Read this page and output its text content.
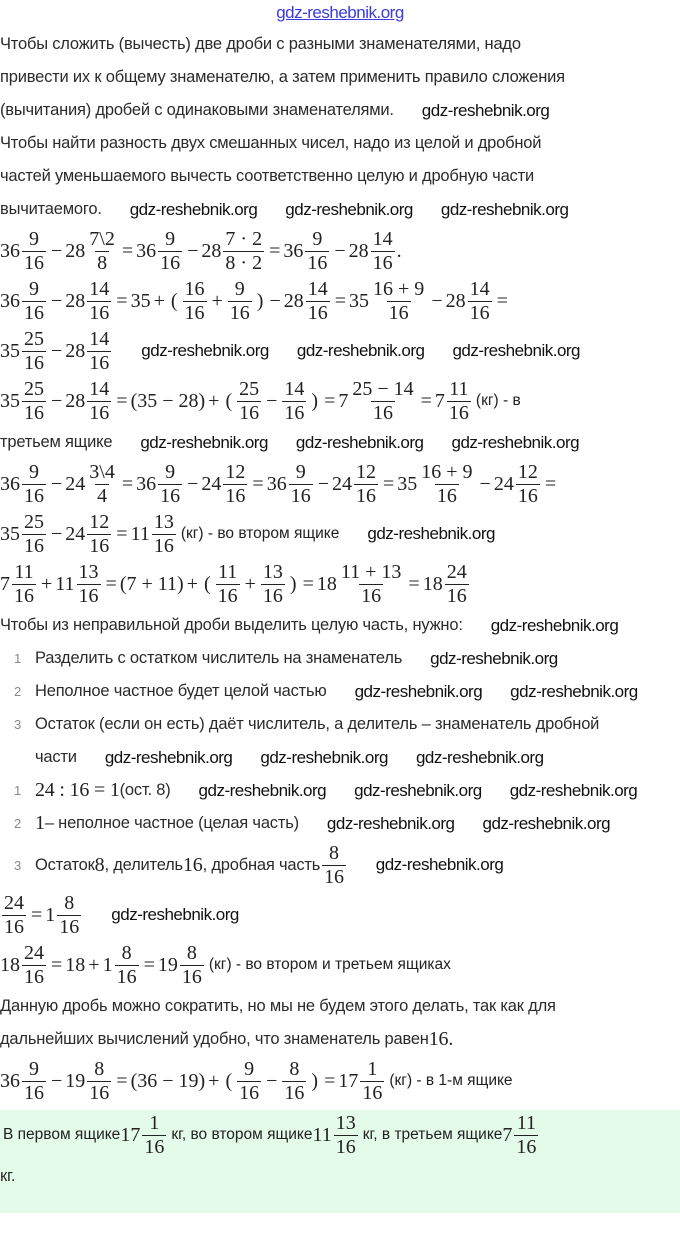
gdz-reshebnik.org
Чтобы сложить (вычесть) две дроби с разными знаменателями, надо
привести их к общему знаменателю, а затем применить правило сложения
(вычитания) дробей с одинаковыми знаменателями. gdz-reshebnik.org
Чтобы найти разность двух смешанных чисел, надо из целой и дробной
частей уменьшаемого вычесть соответственно целую и дробную части
вычитаемого. gdz-reshebnik.org gdz-reshebnik.org gdz-reshebnik.org
$36 \frac{9}{16} - 28 \frac{7\backslash 2}{8} = 36 \frac{9}{16} - 28 \frac{7 \cdot 2}{8 \cdot 2} = 36 \frac{9}{16} - 28 \frac{14}{16}$ .
$36 \frac{9}{16} - 28 \frac{14}{16} = 35$ + ( $\frac{16}{16} + \frac{9}{16}$ ) − $28 \frac{14}{16} = 35 \frac{16 + 9}{16} - 28 \frac{14}{16}$ =
$35 \frac{25}{16} - 28 \frac{14}{16}$ gdz-reshebnik.org gdz-reshebnik.org gdz-reshebnik.org
$35 \frac{25}{16} - 28 \frac{14}{16} = (35 - 28)$ + ( $\frac{25}{16} - \frac{14}{16}$ ) = $7 \frac{25 - 14}{16} = 7 \frac{11}{16} (кг) - в$
третьем ящике gdz-reshebnik.org gdz-reshebnik.org gdz-reshebnik.org
$36 \frac{9}{16} - 24 \frac{3\backslash 4}{4} = 36 \frac{9}{16} - 24 \frac{12}{16} = 36 \frac{9}{16} - 24 \frac{12}{16} = 35 \frac{16 + 9}{16} - 24 \frac{12}{16}$ =
$35 \frac{25}{16} - 24 \frac{12}{16} = 11 \frac{13}{16} (кг)$ - во втором ящике gdz-reshebnik.org
$7 \frac{11}{16} + 11 \frac{13}{16} = (7 + 11)$ + ( $\frac{11}{16} + \frac{13}{16}$ ) = $18 \frac{11 + 13}{16} = 18 \frac{24}{16}$
Чтобы из неправильной дроби выделить целую часть, нужно: gdz-reshebnik.org
1 Разделить с остатком числитель на знаменатель gdz-reshebnik.org
2 Неполное частное будет целой частью gdz-reshebnik.org gdz-reshebnik.org
3 Остаток (если он есть) даёт числитель, а делитель – знаменатель дробной
части gdz-reshebnik.org gdz-reshebnik.org gdz-reshebnik.org
1 24 : 16 = 1 (ост. 8) gdz-reshebnik.org gdz-reshebnik.org gdz-reshebnik.org
2 1 – неполное частное (целая часть) gdz-reshebnik.org gdz-reshebnik.org
3 Остаток 8 , делитель 16 , дробная часть $\frac{8}{16}$ gdz-reshebnik.org
$\frac{24}{16} = 1 \frac{8}{16}$ gdz-reshebnik.org
$18 \frac{24}{16} = 18 + 1 \frac{8}{16} = 19 \frac{8}{16} (кг)$ - во втором и третьем ящиках
Данную дробь можно сократить, но мы не будем этого делать, так как для
дальнейших вычислений удобно, что знаменатель равен 16.
$36 \frac{9}{16} - 19 \frac{8}{16} = (36 - 19)$ + ( $\frac{9}{16} - \frac{8}{16}$ ) = $17 \frac{1}{16} (кг)$ - в 1-м ящике
В первом ящике $17 \frac{1}{16}$ кг, во втором ящике $11 \frac{13}{16}$ кг, в третьем ящике $7 \frac{11}{16}$
кг.
